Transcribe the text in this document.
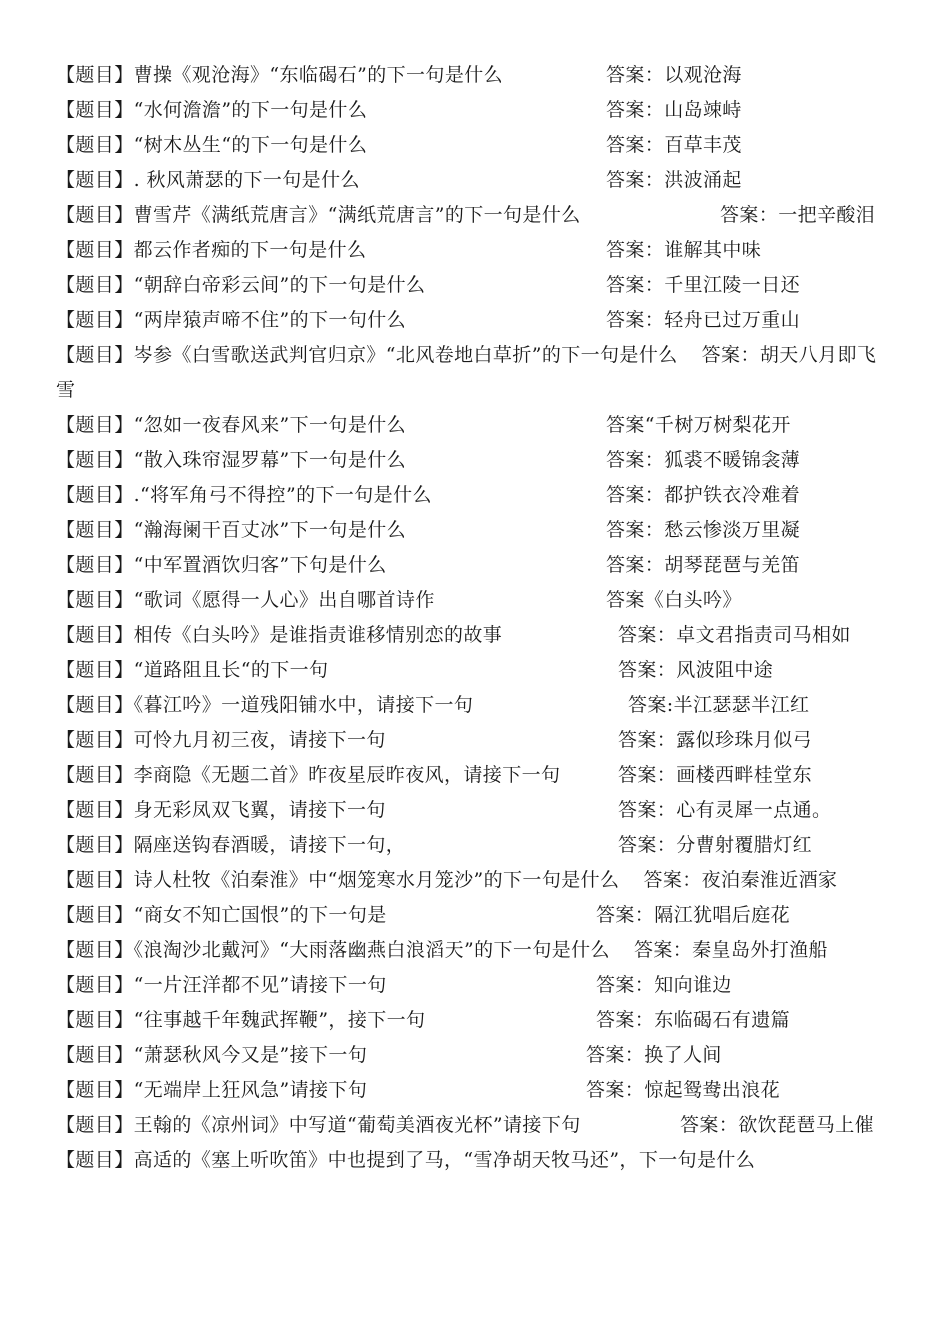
【题目】曹操《观沧海》“东临碣石”的下一句是什么	答案：以观沧海
【题目】“水何澹澹”的下一句是什么	答案：山岛竦峙
【题目】“树木丛生“的下一句是什么	答案：百草丰茂
【题目】. 秋风萧瑟的下一句是什么	答案：洪波涌起
【题目】曹雪芹《满纸荒唐言》“满纸荒唐言”的下一句是什么	答案：一把辛酸泪
【题目】都云作者痴的下一句是什么	答案：谁解其中味
【题目】“朝辞白帝彩云间”的下一句是什么	答案：千里江陵一日还
【题目】“两岸猿声啼不住”的下一句什么	答案：轻舟已过万重山
【题目】岑参《白雪歌送武判官归京》“北风卷地白草折”的下一句是什么 答案：胡天八月即飞雪
【题目】“忽如一夜春风来”下一句是什么	答案“千树万树梨花开
【题目】“散入珠帘湿罗幕”下一句是什么	答案：狐裘不暖锦衾薄
【题目】.“将军角弓不得控”的下一句是什么	答案：都护铁衣冷难着
【题目】“瀚海阑干百丈冰”下一句是什么	答案：愁云惨淡万里凝
【题目】“中军置酒饮归客”下句是什么	答案：胡琴琵琶与羌笛
【题目】“歌词《愿得一人心》出自哪首诗作	答案《白头吟》
【题目】相传《白头吟》是谁指责谁移情别恋的故事	答案：卓文君指责司马相如
【题目】“道路阻且长“的下一句	答案：风波阻中途
【题目】《暮江吟》一道残阳铺水中，请接下一句	答案:半江瑟瑟半江红
【题目】可怜九月初三夜，请接下一句	答案：露似珍珠月似弓
【题目】李商隐《无题二首》昨夜星辰昨夜风，请接下一句	答案：画楼西畔桂堂东
【题目】身无彩凤双飞翼，请接下一句	答案：心有灵犀一点通。
【题目】隔座送钩春酒暖，请接下一句，	答案：分曹射覆腊灯红
【题目】诗人杜牧《泊秦淮》中“烟笼寒水月笼沙”的下一句是什么 答案：夜泊秦淮近酒家
【题目】“商女不知亡国恨”的下一句是	答案：隔江犹唱后庭花
【题目】《浪淘沙北戴河》“大雨落幽燕白浪滔天”的下一句是什么 答案：秦皇岛外打渔船
【题目】“一片汪洋都不见”请接下一句	答案：知向谁边
【题目】“往事越千年魏武挥鞭”，接下一句	答案：东临碣石有遗篇
【题目】“萧瑟秋风今又是”接下一句	答案：换了人间
【题目】“无端岸上狂风急”请接下句	答案：惊起鸳鸯出浪花
【题目】王翰的《凉州词》中写道“葡萄美酒夜光杯”请接下句	答案：欲饮琵琶马上催
【题目】高适的《塞上听吹笛》中也提到了马，“雪净胡天牧马还”，下一句是什么
